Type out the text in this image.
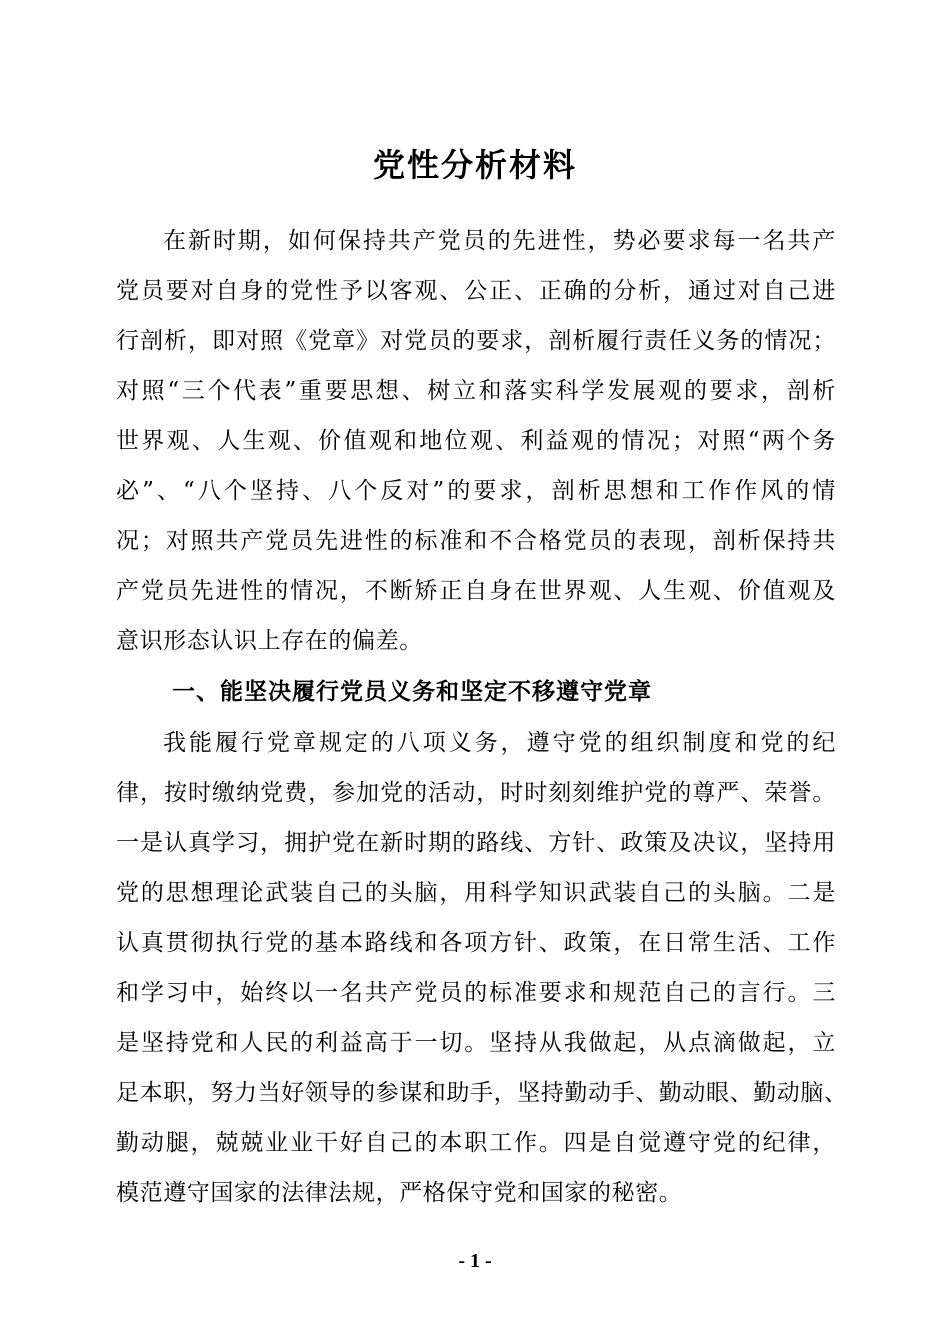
党性分析材料
在新时期，如何保持共产党员的先进性，势必要求每一名共产
党员要对自身的党性予以客观、公正、正确的分析，通过对自己进
行剖析，即对照《党章》对党员的要求，剖析履行责任义务的情况；
对照“三个代表”重要思想、树立和落实科学发展观的要求，剖析
世界观、人生观、价值观和地位观、利益观的情况；对照“两个务
必”、“八个坚持、八个反对”的要求，剖析思想和工作作风的情
况；对照共产党员先进性的标准和不合格党员的表现，剖析保持共
产党员先进性的情况，不断矫正自身在世界观、人生观、价值观及
意识形态认识上存在的偏差。
一、能坚决履行党员义务和坚定不移遵守党章
我能履行党章规定的八项义务，遵守党的组织制度和党的纪
律，按时缴纳党费，参加党的活动，时时刻刻维护党的尊严、荣誉。
一是认真学习，拥护党在新时期的路线、方针、政策及决议，坚持用
党的思想理论武装自己的头脑，用科学知识武装自己的头脑。二是
认真贯彻执行党的基本路线和各项方针、政策，在日常生活、工作
和学习中，始终以一名共产党员的标准要求和规范自己的言行。三
是坚持党和人民的利益高于一切。坚持从我做起，从点滴做起，立
足本职，努力当好领导的参谋和助手，坚持勤动手、勤动眼、勤动脑、
勤动腿，兢兢业业干好自己的本职工作。四是自觉遵守党的纪律，
模范遵守国家的法律法规，严格保守党和国家的秘密。
- 1 -
